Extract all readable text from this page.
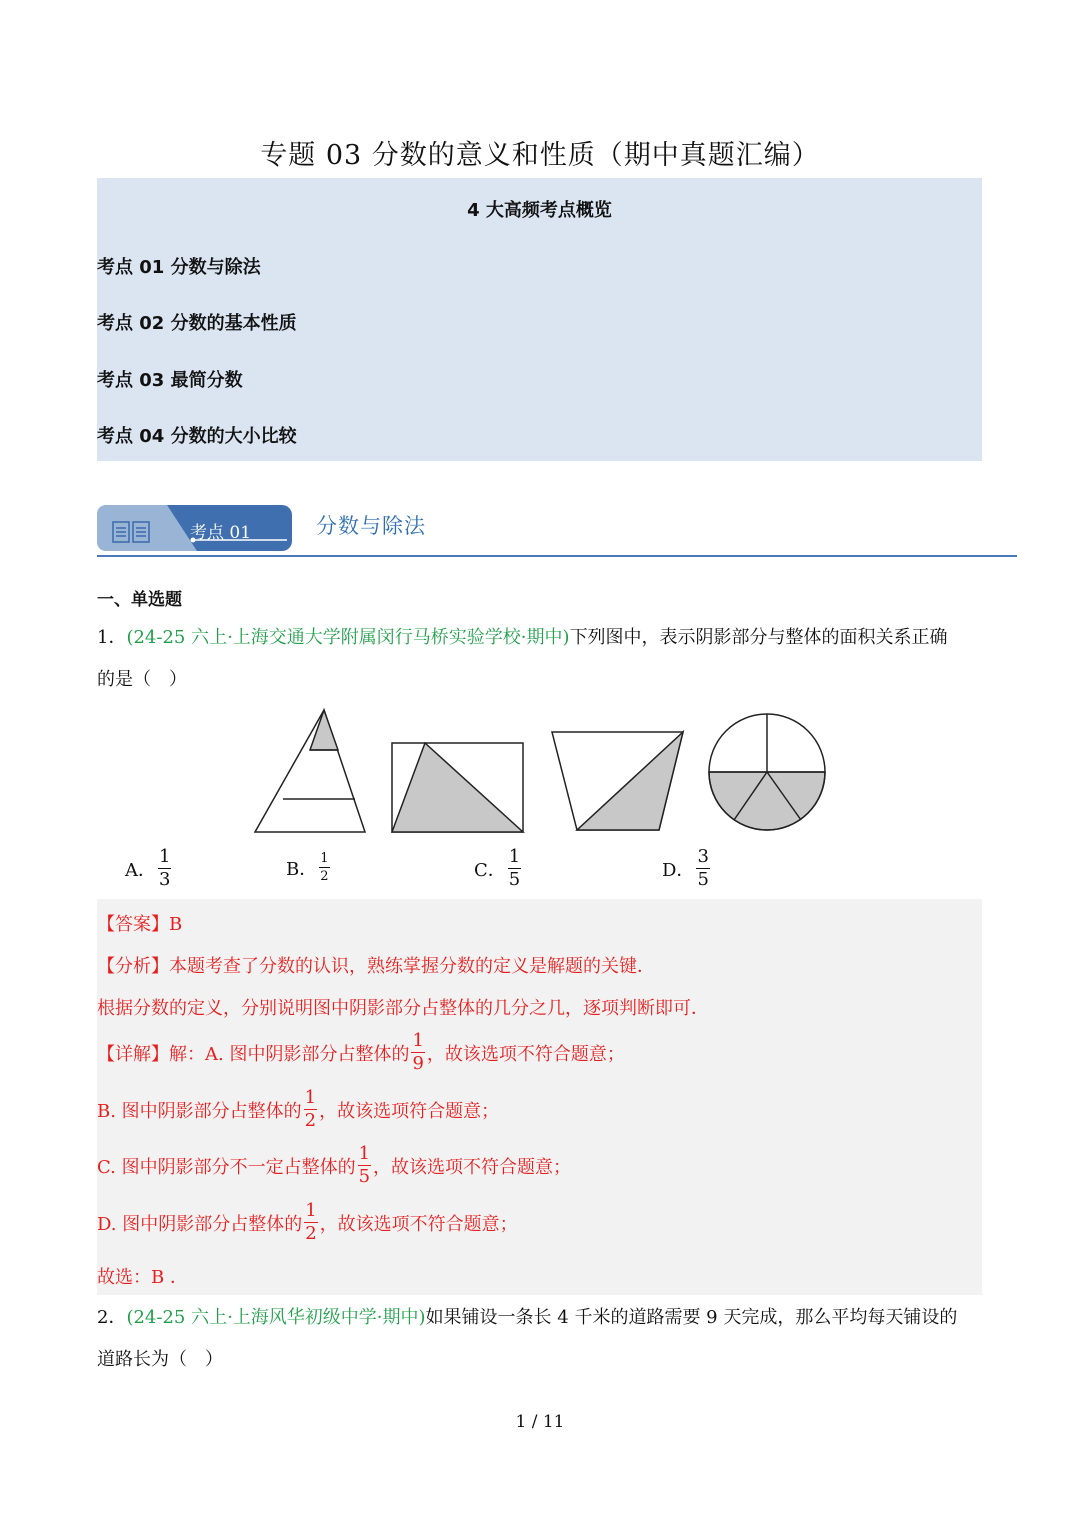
专题 03 分数的意义和性质（期中真题汇编）
4 大高频考点概览
考点 01 分数与除法
考点 02 分数的基本性质
考点 03 最简分数
考点 04 分数的大小比较
考点 01	分数与除法
一、单选题
1．(24-25 六上·上海交通大学附属闵行马桥实验学校·期中)下列图中，表示阴影部分与整体的面积关系正确
的是（　）
A． $\frac{1}{3}$	B． $\frac{1}{2}$	C． $\frac{1}{5}$	D． $\frac{3}{5}$
【答案】B
【分析】本题考查了分数的认识，熟练掌握分数的定义是解题的关键．
根据分数的定义，分别说明图中阴影部分占整体的几分之几，逐项判断即可．
【详解】解：A. 图中阴影部分占整体的 $\frac{1}{9}$ ，故该选项不符合题意；
B. 图中阴影部分占整体的 $\frac{1}{2}$ ，故该选项符合题意；
C. 图中阴影部分不一定占整体的 $\frac{1}{5}$ ，故该选项不符合题意；
D. 图中阴影部分占整体的 $\frac{1}{2}$ ，故该选项不符合题意；
故选：B ．
2．(24-25 六上·上海风华初级中学·期中)如果铺设一条长 4 千米的道路需要 9 天完成，那么平均每天铺设的
道路长为（　）
1 / 11
